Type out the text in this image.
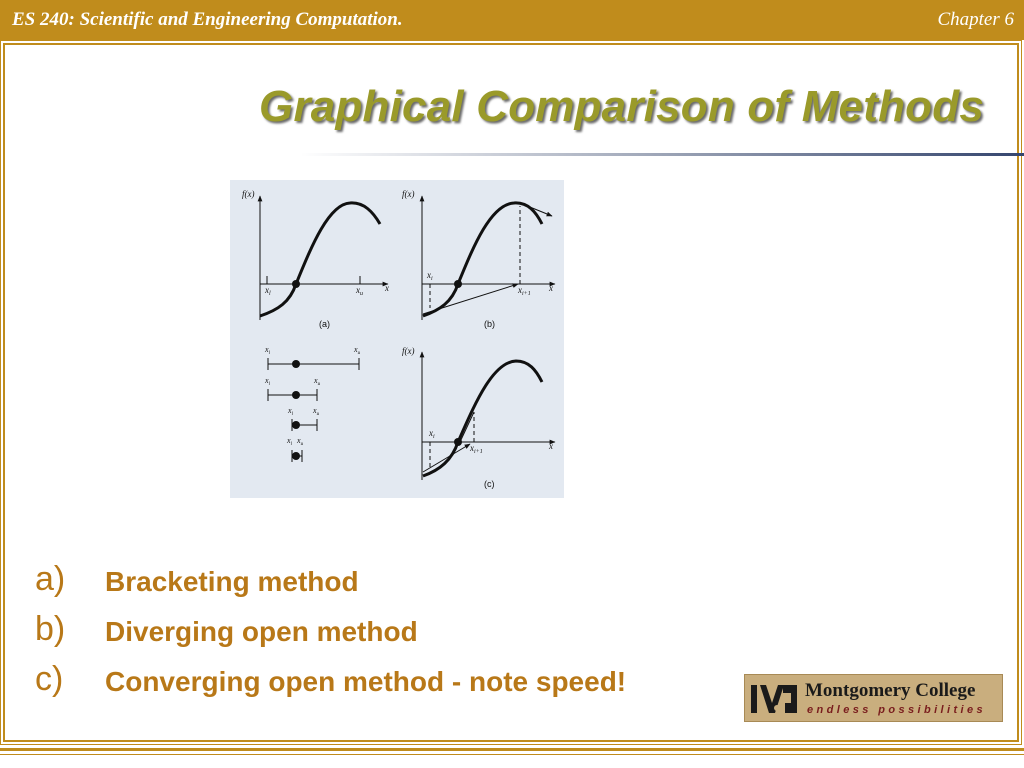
ES 240: Scientific and Engineering Computation.	Chapter 6
Graphical Comparison of Methods
f(x)
x
$x_l$	$x_u$
(a)
f(x)
x
$x_i$
$x_{i+1}$
(b)
$x_l$	$x_u$
$x_l$	$x_u$
$x_l$	$x_u$
$x_l$ $x_u$
f(x)
x
$x_i$
$x_{i+1}$
(c)
a) Bracketing method
b) Diverging open method
c) Converging open method - note speed!	Montgomery College
endless possibilities
